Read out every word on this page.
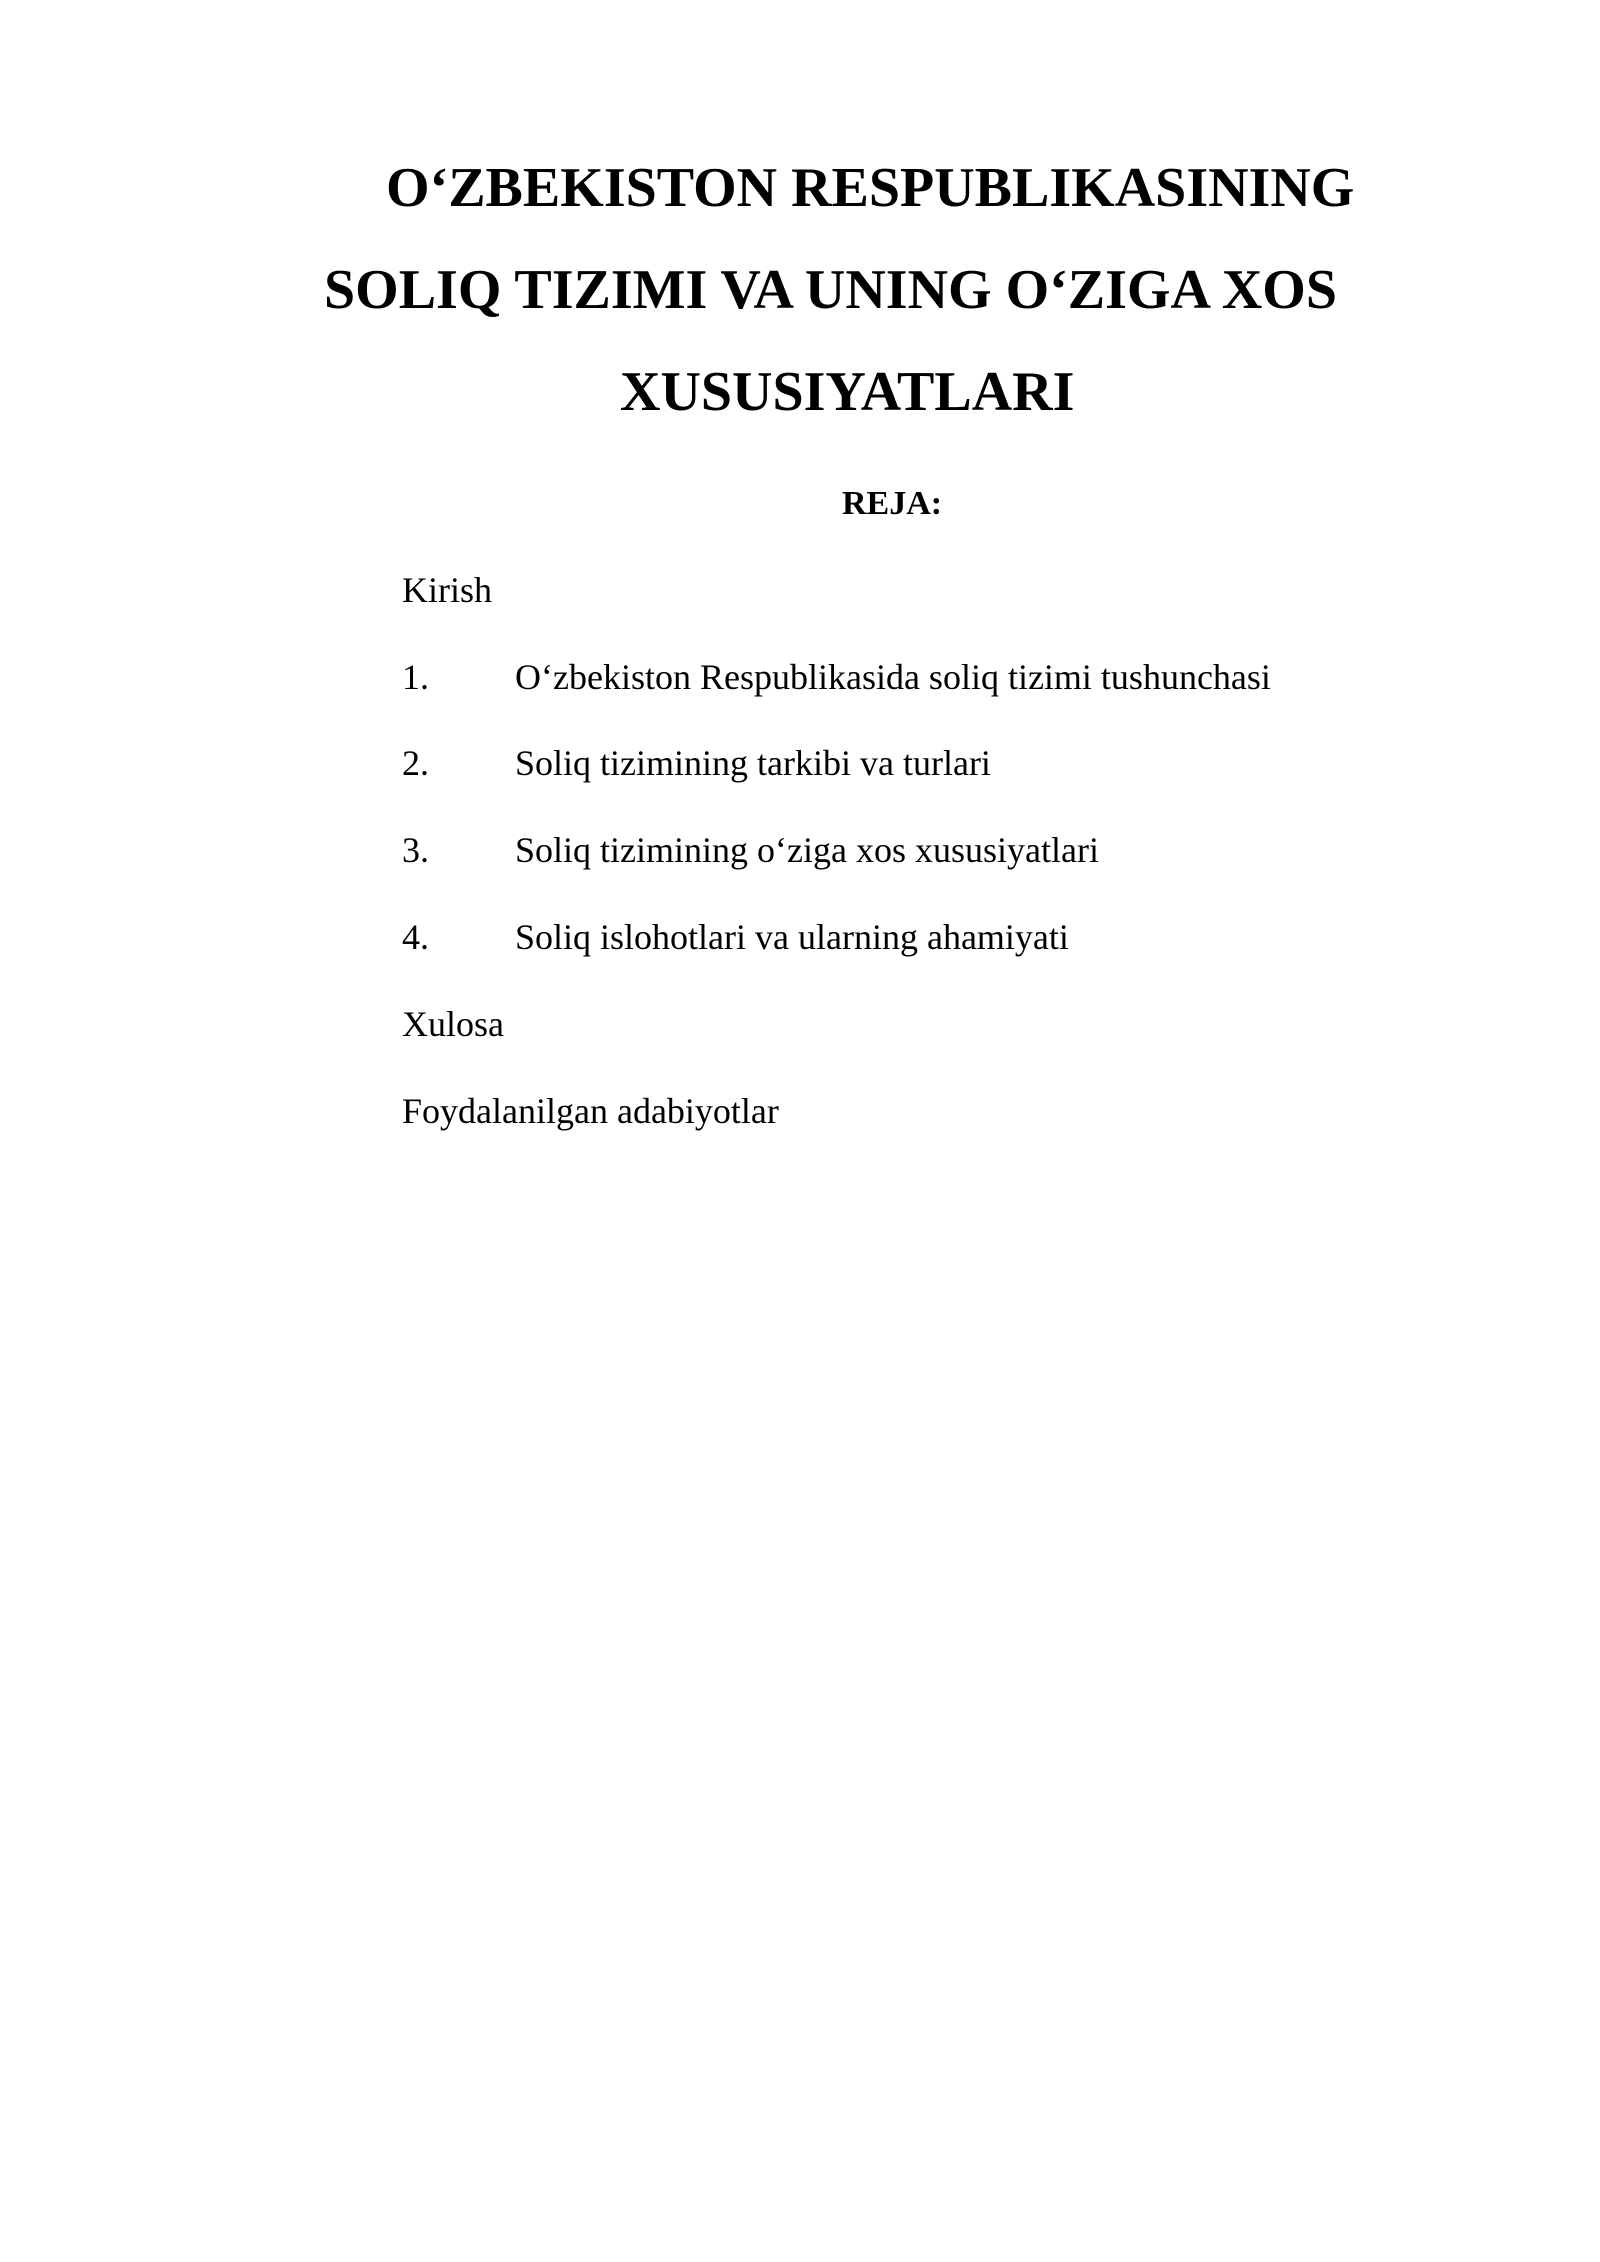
O‘ZBEKISTON RESPUBLIKASINING
SOLIQ TIZIMI VA UNING O‘ZIGA XOS
XUSUSIYATLARI
REJA:
Kirish
1. O‘zbekiston Respublikasida soliq tizimi tushunchasi
2. Soliq tizimining tarkibi va turlari
3. Soliq tizimining o‘ziga xos xususiyatlari
4. Soliq islohotlari va ularning ahamiyati
Xulosa
Foydalanilgan adabiyotlar
